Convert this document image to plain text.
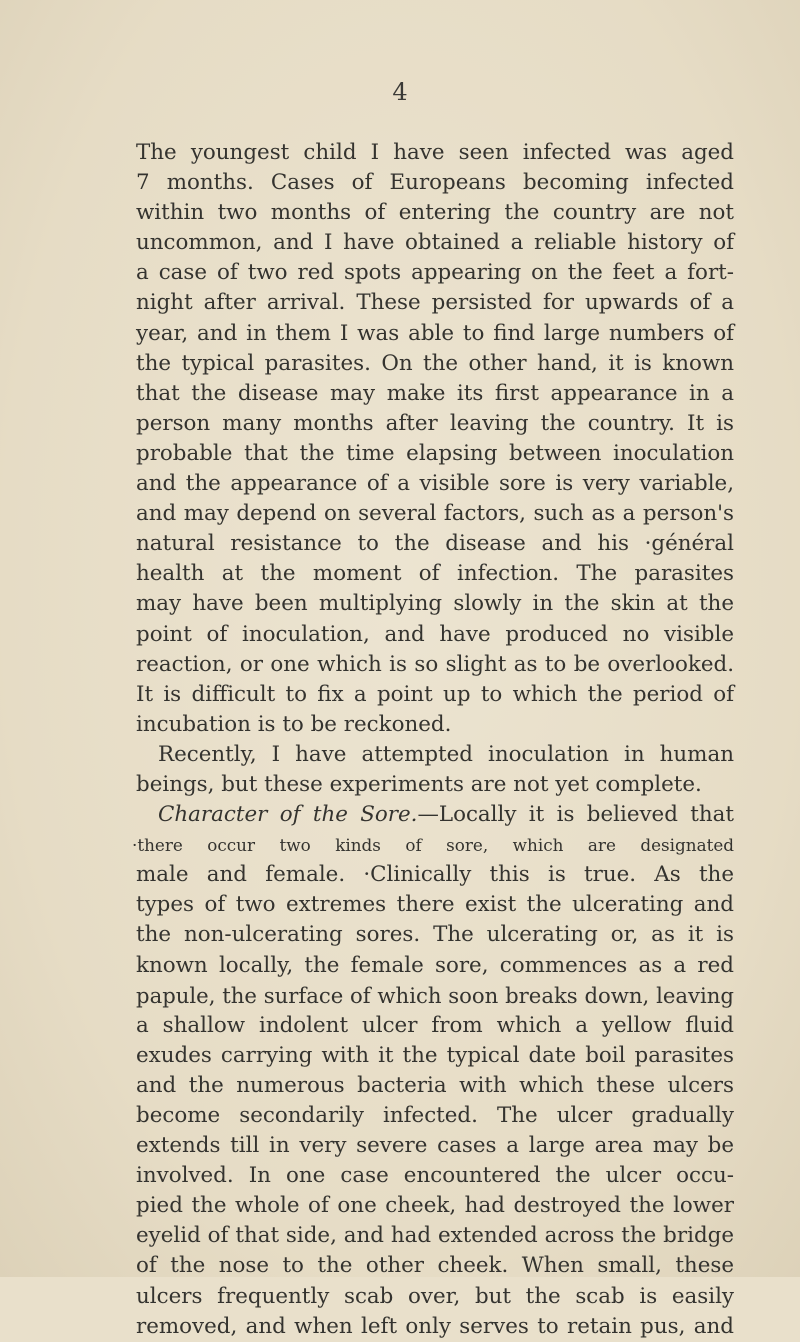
4
The youngest child I have seen infected was aged
7 months. Cases of Europeans becoming infected
within two months of entering the country are not
uncommon, and I have obtained a reliable history of
a case of two red spots appearing on the feet a fort-
night after arrival. These persisted for upwards of a
year, and in them I was able to find large numbers of
the typical parasites. On the other hand, it is known
that the disease may make its first appearance in a
person many months after leaving the country. It is
probable that the time elapsing between inoculation
and the appearance of a visible sore is very variable,
and may depend on several factors, such as a person's
natural resistance to the disease and his ·général
health at the moment of infection. The parasites
may have been multiplying slowly in the skin at the
point of inoculation, and have produced no visible
reaction, or one which is so slight as to be overlooked.
It is difficult to fix a point up to which the period of
incubation is to be reckoned.
Recently, I have attempted inoculation in human
beings, but these experiments are not yet complete.
Character of the Sore.—Locally it is believed that
·there occur two kinds of sore, which are designated
male and female. ·Clinically this is true. As the
types of two extremes there exist the ulcerating and
the non-ulcerating sores. The ulcerating or, as it is
known locally, the female sore, commences as a red
papule, the surface of which soon breaks down, leaving
a shallow indolent ulcer from which a yellow fluid
exudes carrying with it the typical date boil parasites
and the numerous bacteria with which these ulcers
become secondarily infected. The ulcer gradually
extends till in very severe cases a large area may be
involved. In one case encountered the ulcer occu-
pied the whole of one cheek, had destroyed the lower
eyelid of that side, and had extended across the bridge
of the nose to the other cheek. When small, these
ulcers frequently scab over, but the scab is easily
removed, and when left only serves to retain pus, and
